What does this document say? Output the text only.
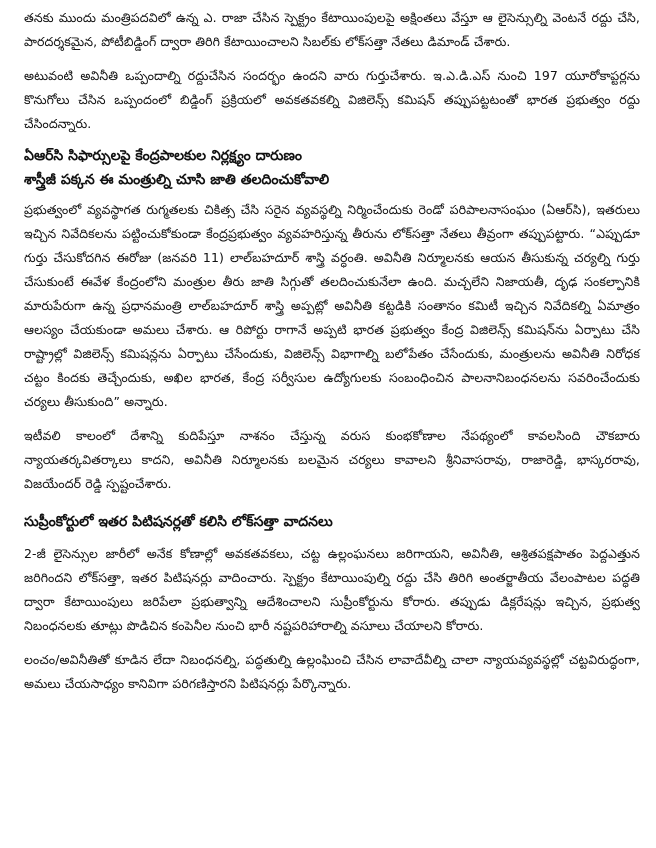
తనకు ముందు మంత్రిపదవిలో ఉన్న ఎ. రాజా చేసిన స్పెక్ట్రం కేటాయింపులపై అక్షింతలు వేస్తూ ఆ లైసెన్సుల్ని వెంటనే రద్దు చేసి, పారదర్శకమైన, పోటీబిడ్డింగ్ ద్వారా తిరిగి కేటాయించాలని సిబల్‌కు లోక్‌సత్తా నేతలు డిమాండ్ చేశారు.

అటువంటి అవినీతి ఒప్పందాల్ని రద్దుచేసిన సందర్భం ఉందని వారు గుర్తుచేశారు. ఇ.ఎ.డి.ఎస్ నుంచి 197 యూరోకాప్టర్లను కొనుగోలు చేసిన ఒప్పందంలో బిడ్డింగ్ ప్రక్రియలో అవకతవకల్ని విజిలెన్స్ కమిషన్ తప్పుపట్టటంతో భారత ప్రభుత్వం రద్దు చేసిందన్నారు.

ఏఆర్‌సి సిఫార్సులపై కేంద్రపాలకుల నిర్లక్ష్యం దారుణం
శాస్త్రీజీ పక్కన ఈ మంత్రుల్ని చూసి జాతి తలదించుకోవాలి

ప్రభుత్వంలో వ్యవస్థాగత రుగ్మతలకు చికిత్స చేసి సరైన వ్యవస్థల్ని నిర్మించేందుకు రెండో పరిపాలనాసంఘం (ఏఆర్‌సి), ఇతరులు ఇచ్చిన నివేదికలను పట్టించుకోకుండా కేంద్రప్రభుత్వం వ్యవహరిస్తున్న తీరును లోక్‌సత్తా నేతలు తీవ్రంగా తప్పుపట్టారు. “ఎప్పుడూ గుర్తు చేసుకోదగిన ఈరోజు (జనవరి 11) లాల్‌బహదూర్ శాస్త్రి వర్ధంతి. అవినీతి నిర్మూలనకు ఆయన తీసుకున్న చర్యల్ని గుర్తు చేసుకుంటే ఈవేళ కేంద్రంలోని మంత్రుల తీరు జాతి సిగ్గుతో తలదించుకునేలా ఉంది. మచ్చలేని నిజాయతీ, దృఢ సంకల్పానికి మారుపేరుగా ఉన్న ప్రధానమంత్రి లాల్‌బహదూర్ శాస్త్రి అప్పట్లో అవినీతి కట్టడికి సంతానం కమిటీ ఇచ్చిన నివేదికల్ని ఏమాత్రం ఆలస్యం చేయకుండా అమలు చేశారు. ఆ రిపోర్టు రాగానే అప్పటి భారత ప్రభుత్వం కేంద్ర విజిలెన్స్ కమిషన్‌ను ఏర్పాటు చేసి రాష్ట్రాల్లో విజిలెన్స్ కమిషన్లను ఏర్పాటు చేసేందుకు, విజిలెన్స్ విభాగాల్ని బలోపేతం చేసేందుకు, మంత్రులను అవినీతి నిరోధక చట్టం కిందకు తెచ్చేందుకు, అఖిల భారత, కేంద్ర సర్వీసుల ఉద్యోగులకు సంబంధించిన పాలనానిబంధనలను సవరించేందుకు చర్యలు తీసుకుంది” అన్నారు.

ఇటీవలి కాలంలో దేశాన్ని కుదిపేస్తూ నాశనం చేస్తున్న వరుస కుంభకోణాల నేపథ్యంలో కావలసింది చౌకబారు న్యాయతర్కవితర్కాలు కాదని, అవినీతి నిర్మూలనకు బలమైన చర్యలు కావాలని శ్రీనివాసరావు, రాజారెడ్డి, భాస్కరరావు, విజయేందర్ రెడ్డి స్పష్టంచేశారు.

సుప్రీంకోర్టులో ఇతర పిటిషనర్లతో కలిసి లోక్‌సత్తా వాదనలు

2-జీ లైసెన్సుల జారీలో అనేక కోణాల్లో అవకతవకలు, చట్ట ఉల్లంఘనలు జరిగాయని, అవినీతి, ఆశ్రితపక్షపాతం పెద్దఎత్తున జరిగిందని లోక్‌సత్తా, ఇతర పిటిషనర్లు వాదించారు. స్పెక్ట్రం కేటాయింపుల్ని రద్దు చేసి తిరిగి అంతర్జాతీయ వేలంపాటల పద్ధతి ద్వారా కేటాయింపులు జరిపేలా ప్రభుత్వాన్ని ఆదేశించాలని సుప్రీంకోర్టును కోరారు. తప్పుడు డిక్లరేషన్లు ఇచ్చిన, ప్రభుత్వ నిబంధనలకు తూట్లు పొడిచిన కంపెనీల నుంచి భారీ నష్టపరిహారాల్ని వసూలు చేయాలని కోరారు.

లంచం/అవినీతితో కూడిన లేదా నిబంధనల్ని, పద్ధతుల్ని ఉల్లంఘించి చేసిన లావాదేవీల్ని చాలా న్యాయవ్యవస్థల్లో చట్టవిరుద్ధంగా, అమలు చేయసాధ్యం కానివిగా పరిగణిస్తారని పిటిషనర్లు పేర్కొన్నారు.
